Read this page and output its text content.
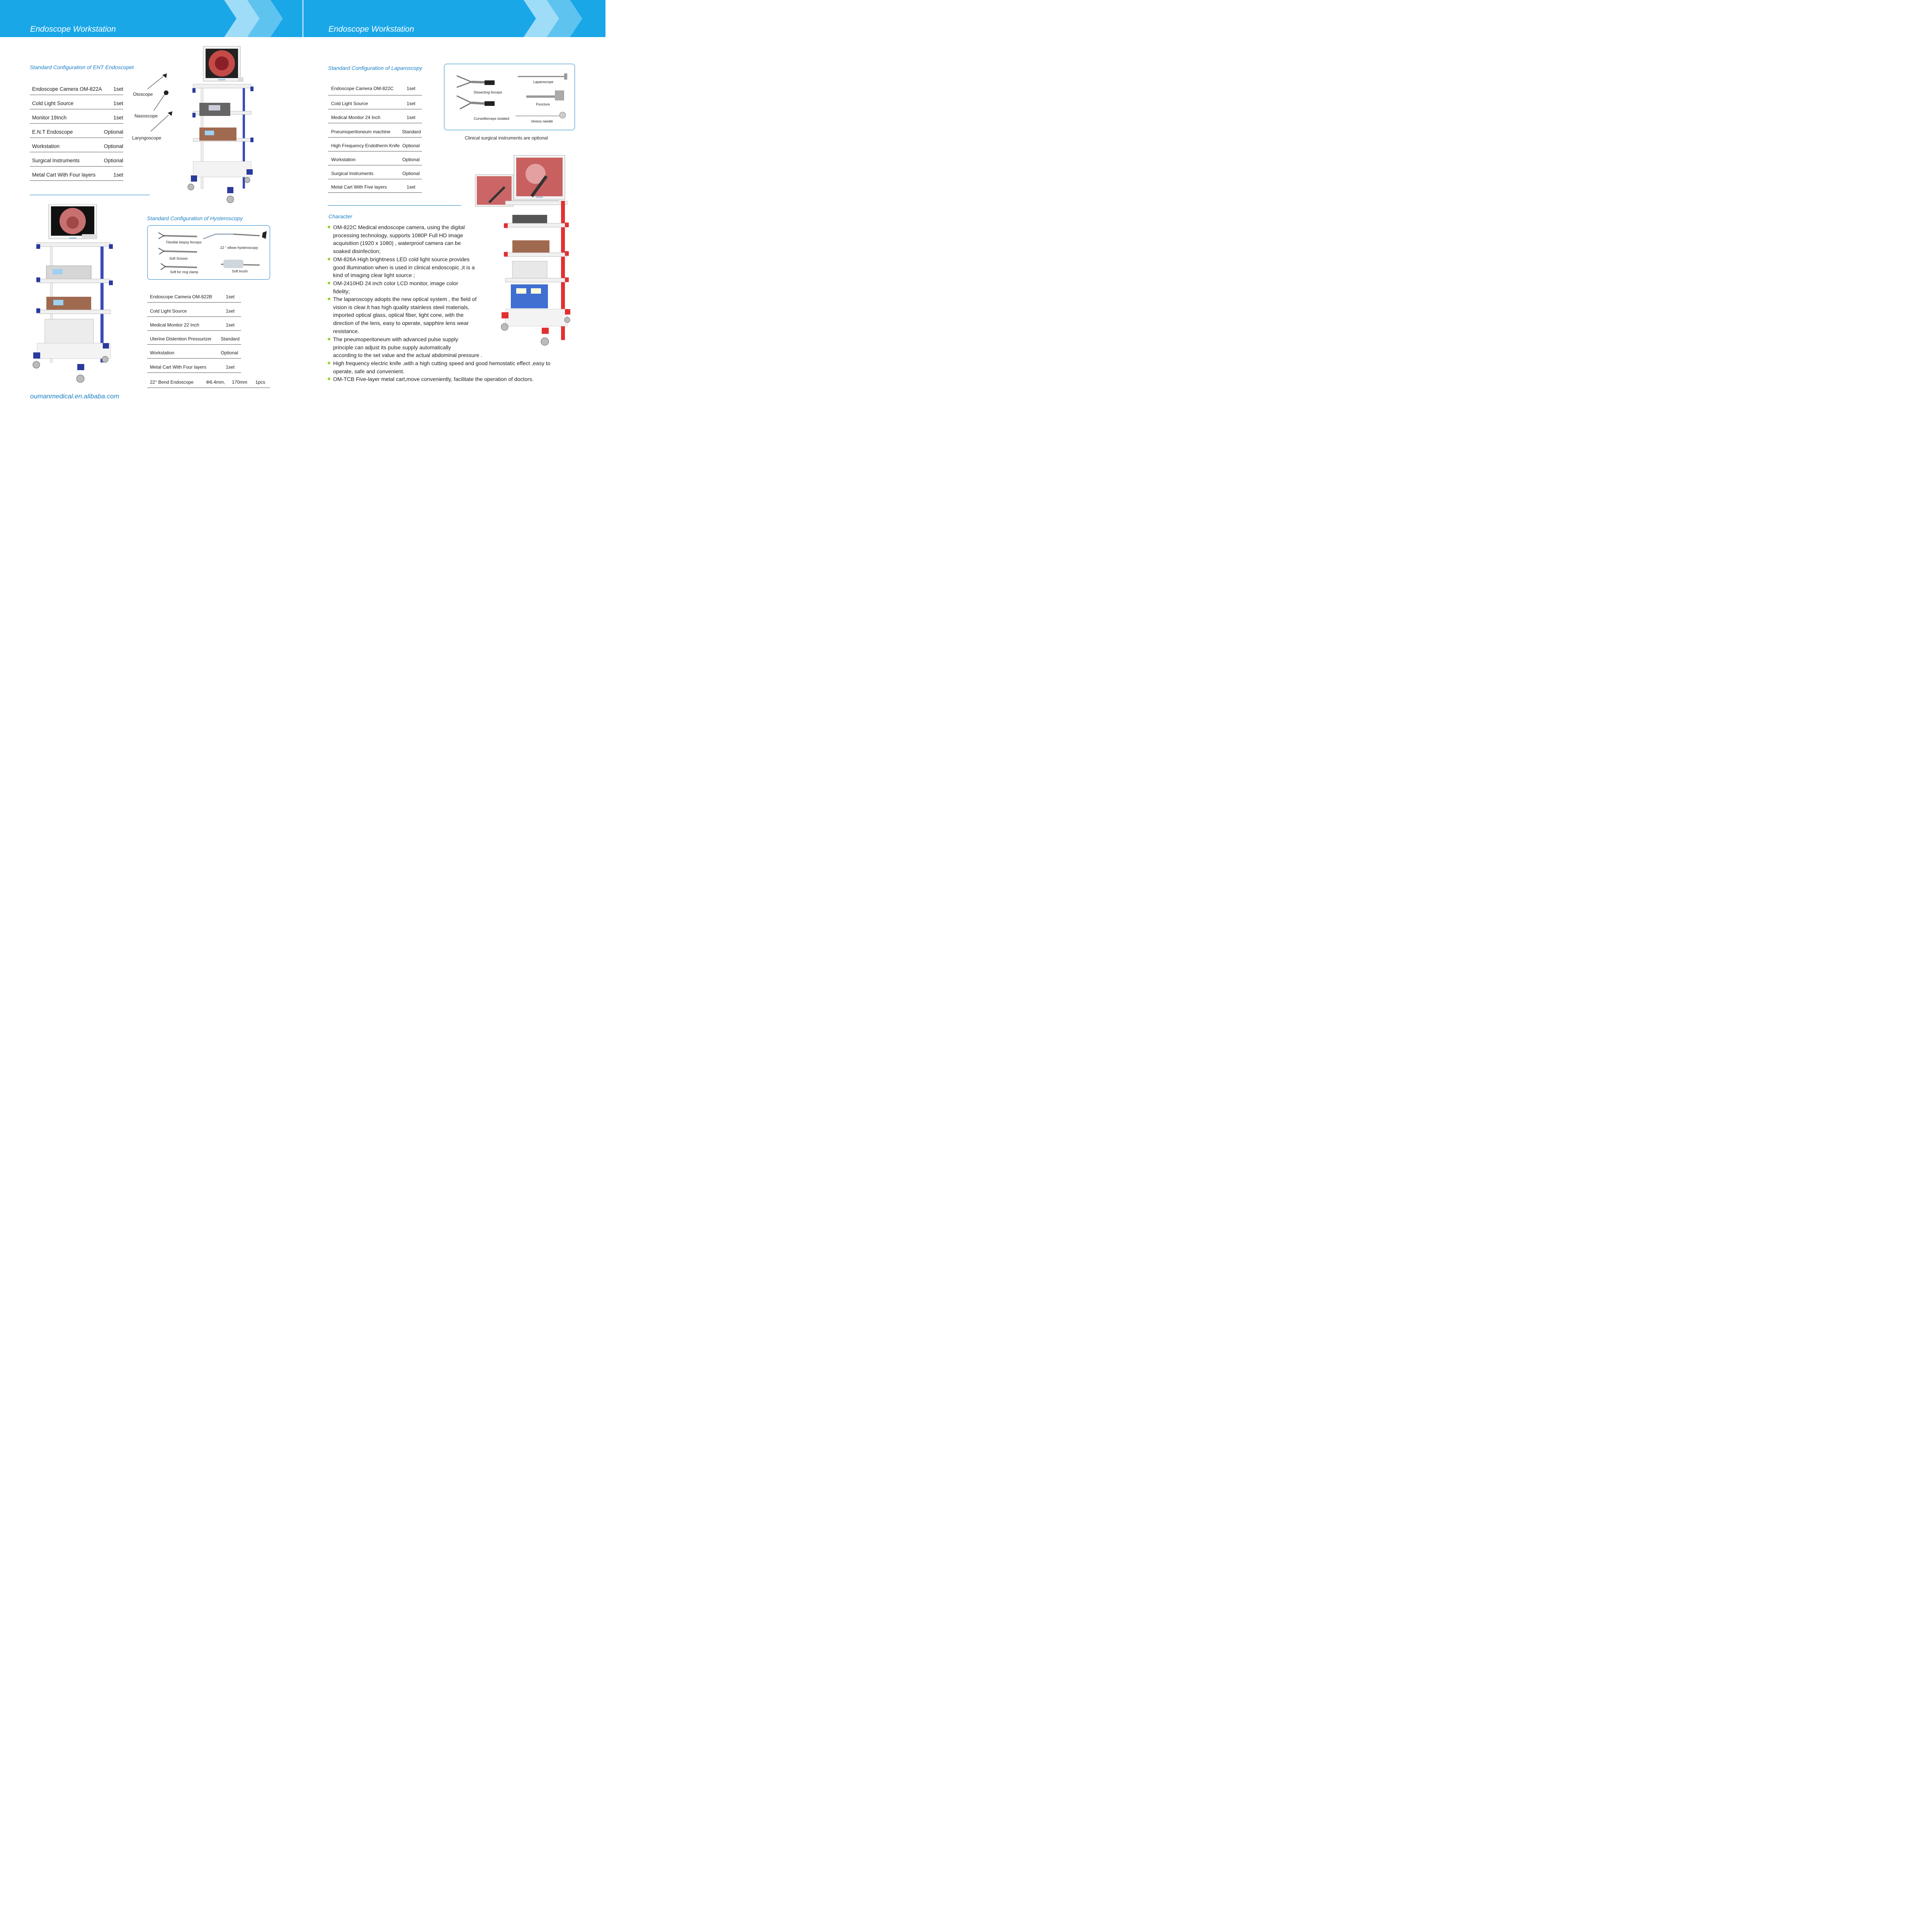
Endoscope Workstation	Endoscope Workstation
Standard Configuration of ENT Endoscopet
Endoscope Camera OM-822A 1set
Cold Light Source	1set
Monitor 19Inch	1set
E.N.T Endoscope	Optional
Workstation	Optional
Surgical Instruments	Optional
Metal Cart With Four layers	1set
Otoscope
Nasoscope
Laryngoscope
ouman
ouman
Standard Configuration of Hysteroscopy
Flexible biopsy forceps
22 ° elbow hysteroscopy
Soft Scissor
Soft for ring clamp	Soft brush
Endoscope Camera OM-822B	1set
Cold Light Source	1set
Medical Monitor 22 Inch	1set
Uterine Distention Pressurizer Standard
Workstation	Optional
Metal Cart With Four layers	1set
22° Bend Endoscope	Φ6.4mm, 170mm 1pcs
oumanmedical.en.alibaba.com
Standard Configuration of Laparoscopy
Endoscope Camera OM-822C	1set
Cold Light Source	1set
Medical Monitor 24 Inch	1set
Pneumoperitoneum machine Standard
High Frequency Endotherm Knife Optional
Workstation	Optional
Surgical Instruments	Optional
Metal Cart With Five layers	1set
Dissecting forceps
Laparoscope
Puncture
Curvedforceps isolated
Veress needle
Clinical surgical instruments are optional
ouman
Character
OM-822C Medical endoscope camera, using the digital
processing technology, supports 1080P Full HD image
acquisition (1920 x 1080) , waterproof camera can be
soaked disinfection;
OM-826A High brightness LED cold light source provides
good illumination when is used in clinical endoscopic ,it is a
kind of imaging clear light source ;
OM-2410HD 24 inch color LCD monitor, image color
fidelity;
The laparoscopy adopts the new optical system , the field of
vision is clear.It has high quality stainless steel materials,
imported optical glass, optical fiber, light cone, with the
direction of the lens, easy to operate, sapphire lens wear
resistance.
The pneumoperitoneum with advanced pulse supply
principle can adjust its pulse supply automatically
according to the set value and the actual abdominal pressure .
High frequency electric knife ,with a high cutting speed and good hemostatic effect ,easy to
operate, safe and convenient.
OM-TCB Five-layer metal cart,move conveniently, facilitate the operation of doctors.
